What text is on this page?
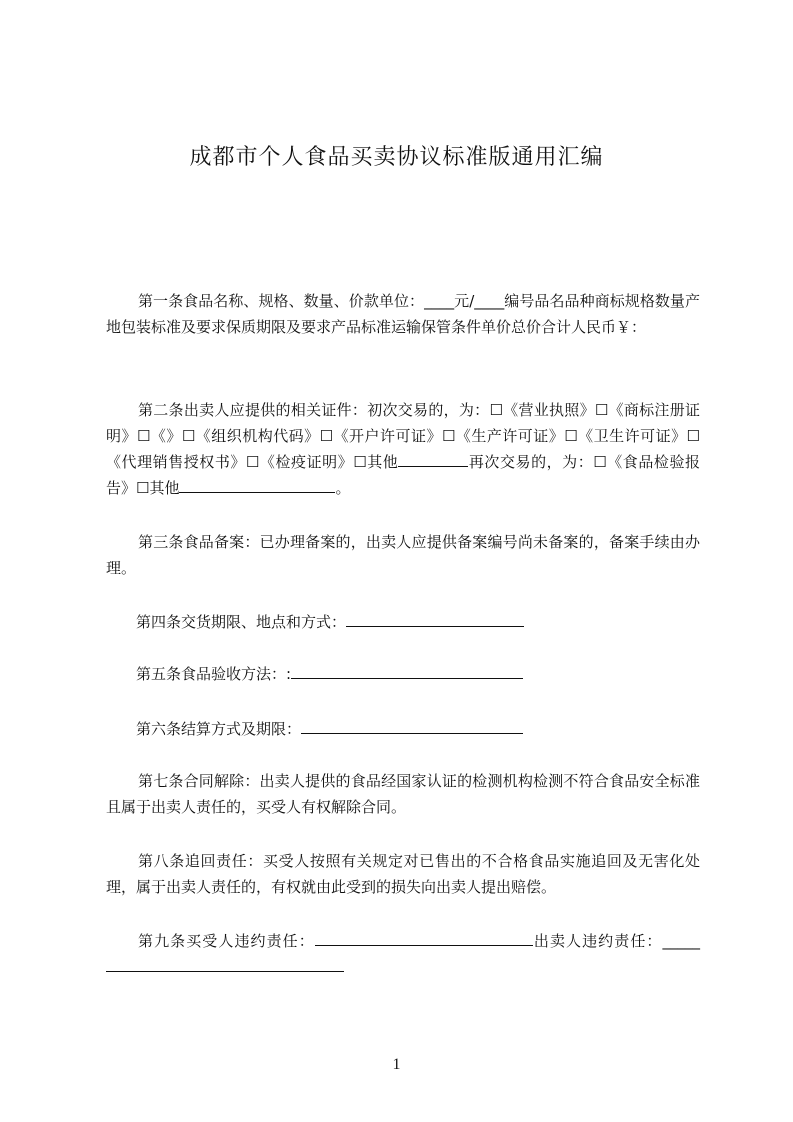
成都市个人食品买卖协议标准版通用汇编
第一条食品名称、规格、数量、价款单位：____元/____编号品名品种商标规格数量产地包装标准及要求保质期限及要求产品标准运输保管条件单价总价合计人民币￥：
第二条出卖人应提供的相关证件：初次交易的，为：☐《营业执照》☐《商标注册证明》☐《》☐《组织机构代码》☐《开户许可证》☐《生产许可证》☐《卫生许可证》☐《代理销售授权书》☐《检疫证明》☐其他	再次交易的，为：☐《食品检验报告》☐其他	。
第三条食品备案：已办理备案的，出卖人应提供备案编号尚未备案的，备案手续由办理。
第四条交货期限、地点和方式：
第五条食品验收方法：:
第六条结算方式及期限：
第七条合同解除：出卖人提供的食品经国家认证的检测机构检测不符合食品安全标准且属于出卖人责任的，买受人有权解除合同。
第八条追回责任：买受人按照有关规定对已售出的不合格食品实施追回及无害化处理，属于出卖人责任的，有权就由此受到的损失向出卖人提出赔偿。
第九条买受人违约责任：	出卖人违约责任：_____
1
